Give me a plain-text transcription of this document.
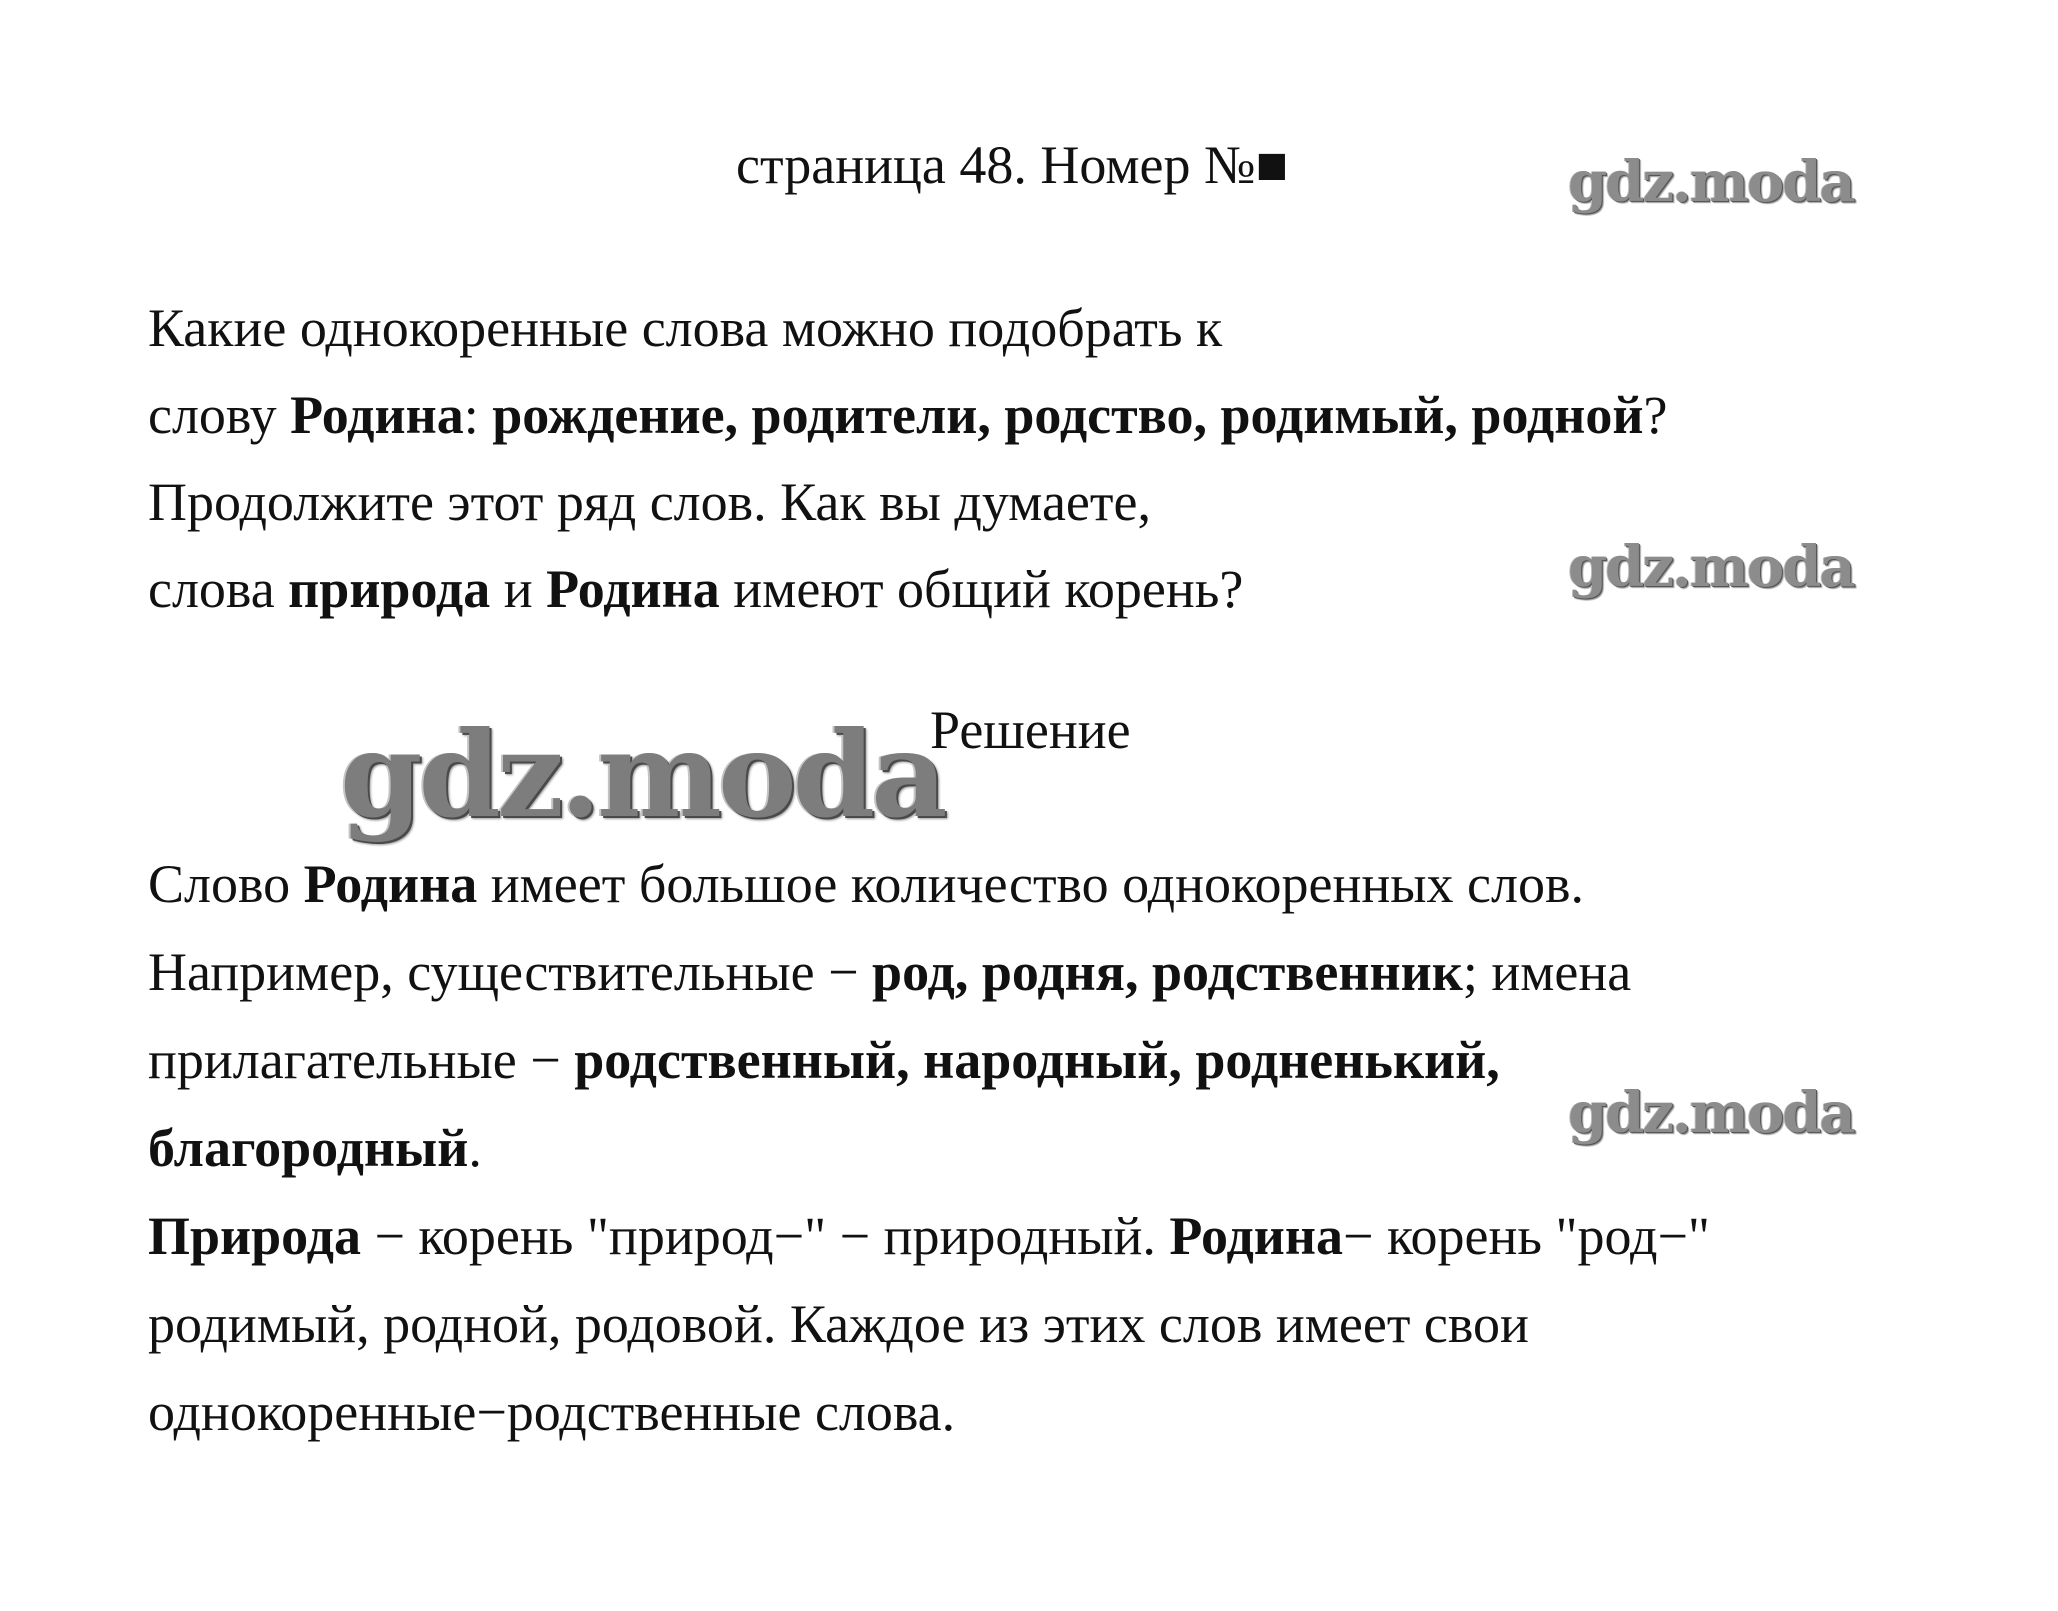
страница 48. Номер №■	gdz.moda
gdz.moda
gdz.moda
gdz.moda
Какие однокоренные слова можно подобрать к
слову Родина: рождение, родители, родство, родимый, родной?
Продолжите этот ряд слов. Как вы думаете,
слова природа и Родина имеют общий корень?
Решение
Слово Родина имеет большое количество однокоренных слов.
Например, существительные − род, родня, родственник; имена
прилагательные − родственный, народный, родненький,
благородный.
Природа − корень "природ−" − природный. Родина− корень "род−"
родимый, родной, родовой. Каждое из этих слов имеет свои
однокоренные−родственные слова.
